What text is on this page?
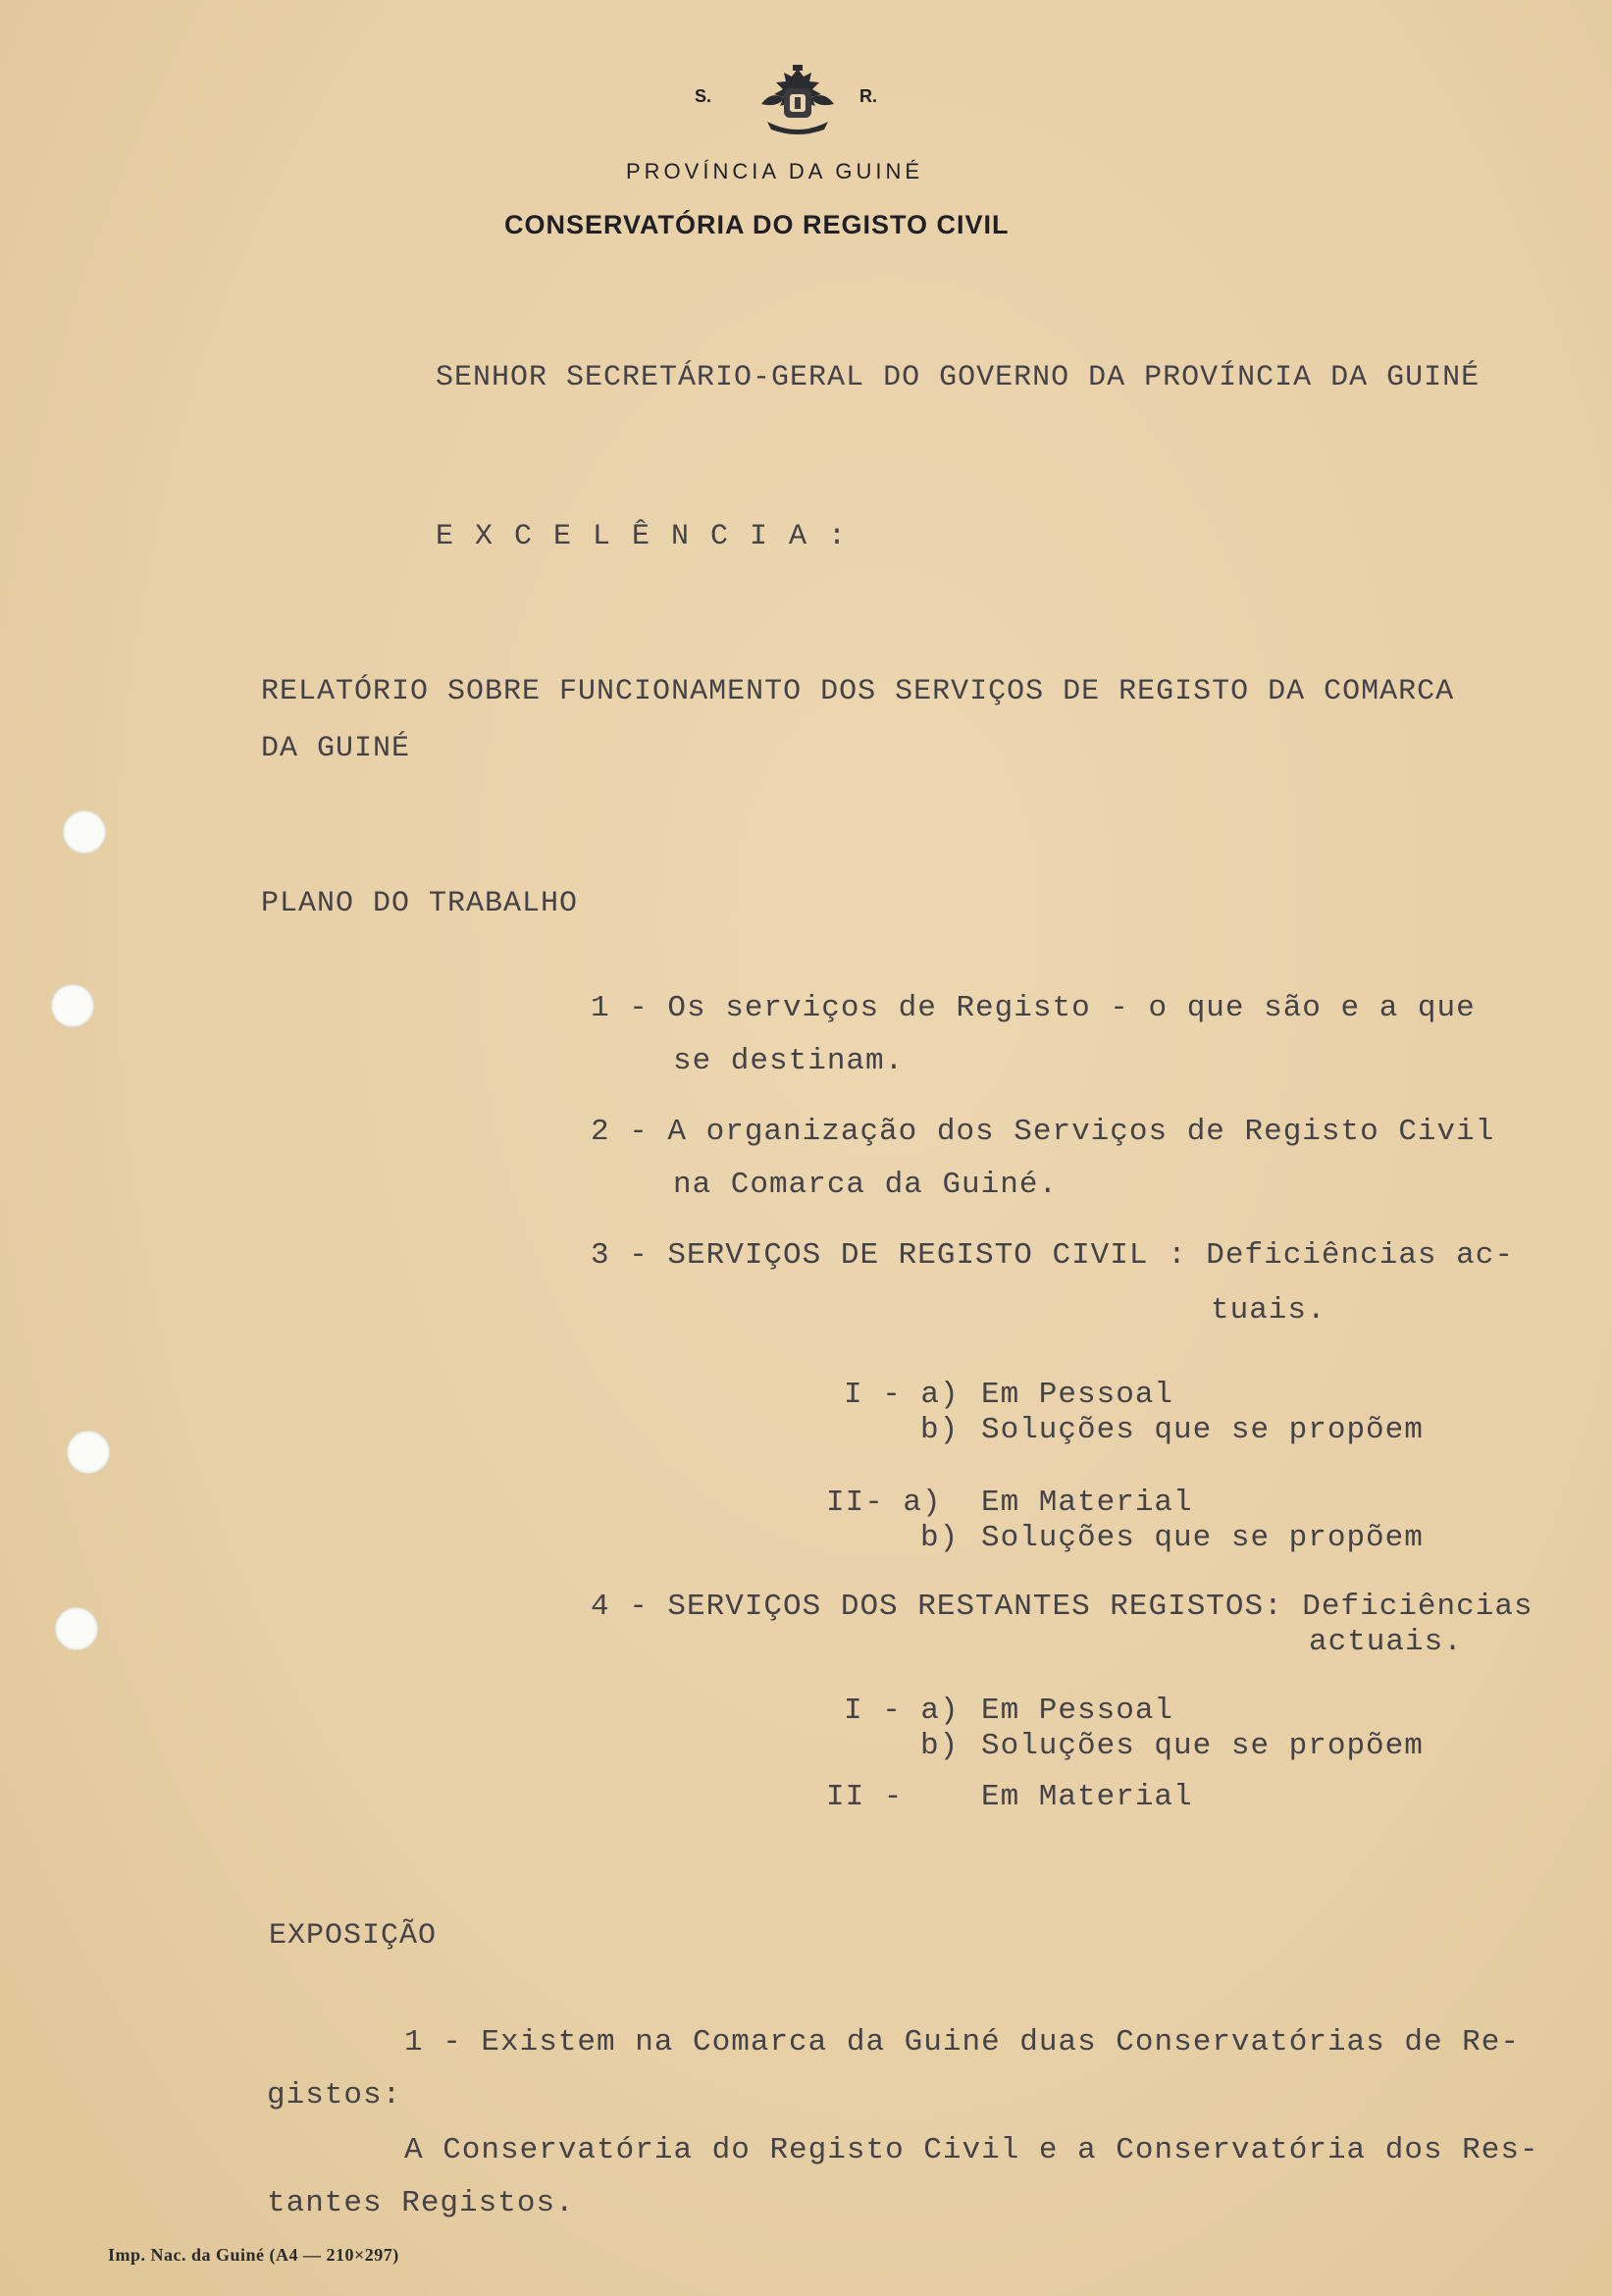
S.	R.
PROVÍNCIA DA GUINÉ
CONSERVATÓRIA DO REGISTO CIVIL
SENHOR SECRETÁRIO-GERAL DO GOVERNO DA PROVÍNCIA DA GUINÉ
EXCELÊNCIA:
RELATÓRIO SOBRE FUNCIONAMENTO DOS SERVIÇOS DE REGISTO DA COMARCA
DA GUINÉ
PLANO DO TRABALHO
1 - Os serviços de Registo - o que são e a que
se destinam.
2 - A organização dos Serviços de Registo Civil
na Comarca da Guiné.
3 - SERVIÇOS DE REGISTO CIVIL : Deficiências ac-
tuais.
I - a) Em Pessoal
b) Soluções que se propõem
II- a) Em Material
b) Soluções que se propõem
4 - SERVIÇOS DOS RESTANTES REGISTOS: Deficiências
actuais.
I - a) Em Pessoal
b) Soluções que se propõem
II -	Em Material
EXPOSIÇÃO
1 - Existem na Comarca da Guiné duas Conservatórias de Re-
gistos:
A Conservatória do Registo Civil e a Conservatória dos Res-
tantes Registos.
Imp. Nac. da Guiné (A4 — 210×297)
